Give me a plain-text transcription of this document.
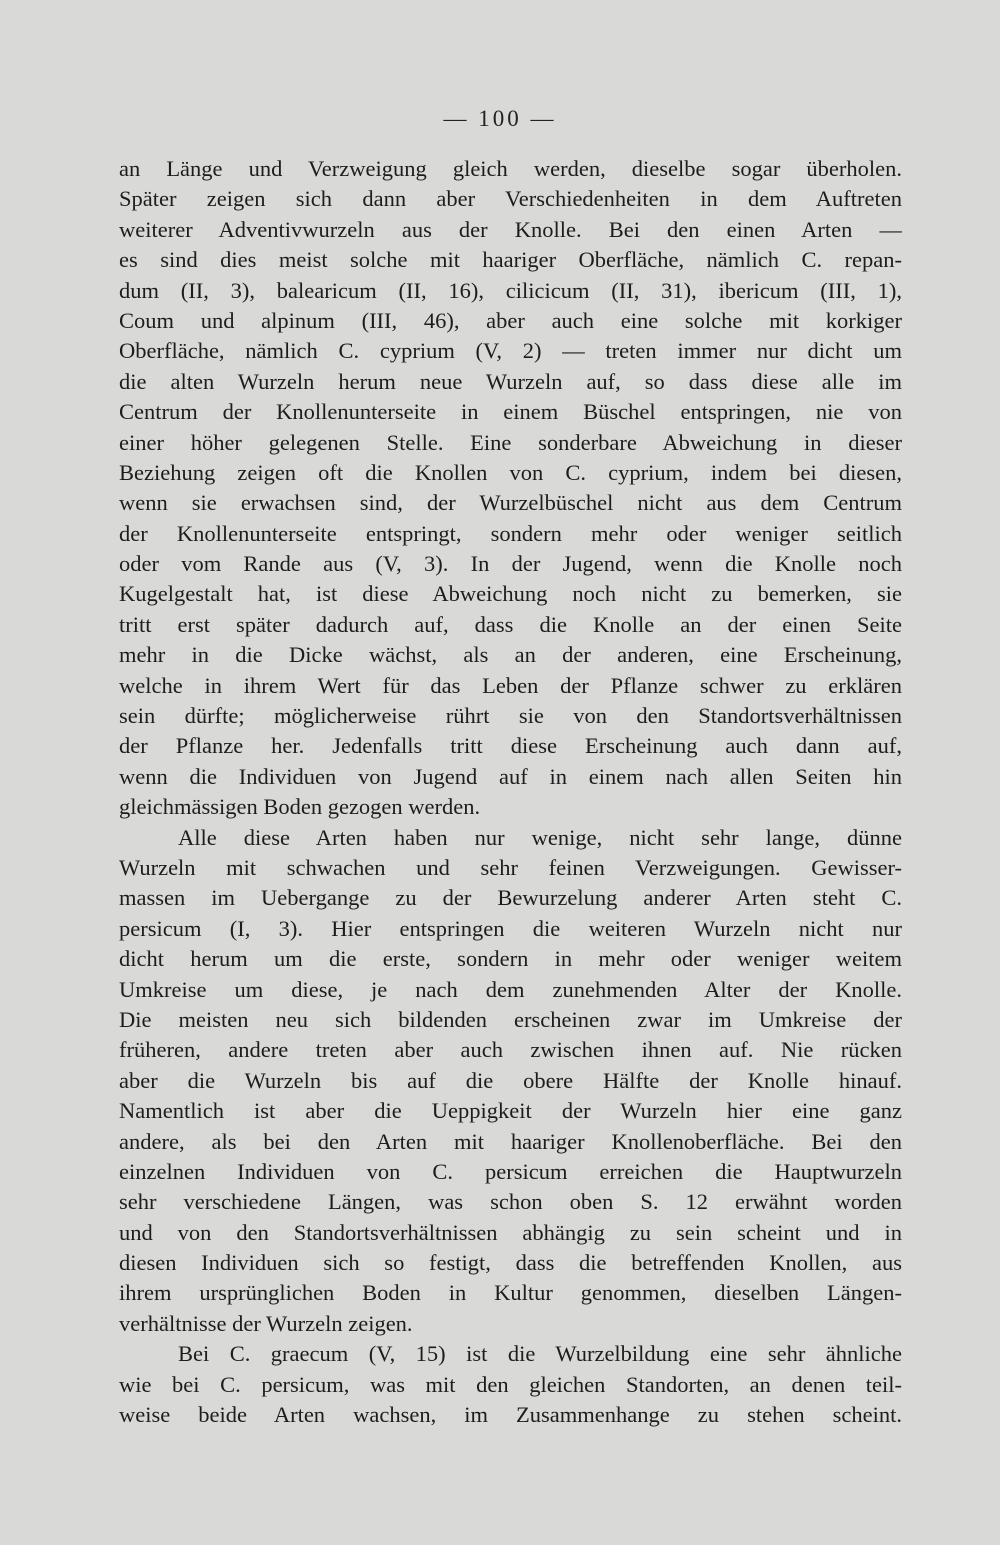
— 100 —
an Länge und Verzweigung gleich werden, dieselbe sogar überholen.
Später zeigen sich dann aber Verschiedenheiten in dem Auftreten
weiterer Adventivwurzeln aus der Knolle. Bei den einen Arten —
es sind dies meist solche mit haariger Oberfläche, nämlich C. repan-
dum (II, 3), balearicum (II, 16), cilicicum (II, 31), ibericum (III, 1),
Coum und alpinum (III, 46), aber auch eine solche mit korkiger
Oberfläche, nämlich C. cyprium (V, 2) — treten immer nur dicht um
die alten Wurzeln herum neue Wurzeln auf, so dass diese alle im
Centrum der Knollenunterseite in einem Büschel entspringen, nie von
einer höher gelegenen Stelle. Eine sonderbare Abweichung in dieser
Beziehung zeigen oft die Knollen von C. cyprium, indem bei diesen,
wenn sie erwachsen sind, der Wurzelbüschel nicht aus dem Centrum
der Knollenunterseite entspringt, sondern mehr oder weniger seitlich
oder vom Rande aus (V, 3). In der Jugend, wenn die Knolle noch
Kugelgestalt hat, ist diese Abweichung noch nicht zu bemerken, sie
tritt erst später dadurch auf, dass die Knolle an der einen Seite
mehr in die Dicke wächst, als an der anderen, eine Erscheinung,
welche in ihrem Wert für das Leben der Pflanze schwer zu erklären
sein dürfte; möglicherweise rührt sie von den Standortsverhältnissen
der Pflanze her. Jedenfalls tritt diese Erscheinung auch dann auf,
wenn die Individuen von Jugend auf in einem nach allen Seiten hin
gleichmässigen Boden gezogen werden.
Alle diese Arten haben nur wenige, nicht sehr lange, dünne
Wurzeln mit schwachen und sehr feinen Verzweigungen. Gewisser-
massen im Uebergange zu der Bewurzelung anderer Arten steht C.
persicum (I, 3). Hier entspringen die weiteren Wurzeln nicht nur
dicht herum um die erste, sondern in mehr oder weniger weitem
Umkreise um diese, je nach dem zunehmenden Alter der Knolle.
Die meisten neu sich bildenden erscheinen zwar im Umkreise der
früheren, andere treten aber auch zwischen ihnen auf. Nie rücken
aber die Wurzeln bis auf die obere Hälfte der Knolle hinauf.
Namentlich ist aber die Ueppigkeit der Wurzeln hier eine ganz
andere, als bei den Arten mit haariger Knollenoberfläche. Bei den
einzelnen Individuen von C. persicum erreichen die Hauptwurzeln
sehr verschiedene Längen, was schon oben S. 12 erwähnt worden
und von den Standortsverhältnissen abhängig zu sein scheint und in
diesen Individuen sich so festigt, dass die betreffenden Knollen, aus
ihrem ursprünglichen Boden in Kultur genommen, dieselben Längen-
verhältnisse der Wurzeln zeigen.
Bei C. graecum (V, 15) ist die Wurzelbildung eine sehr ähnliche
wie bei C. persicum, was mit den gleichen Standorten, an denen teil-
weise beide Arten wachsen, im Zusammenhange zu stehen scheint.
